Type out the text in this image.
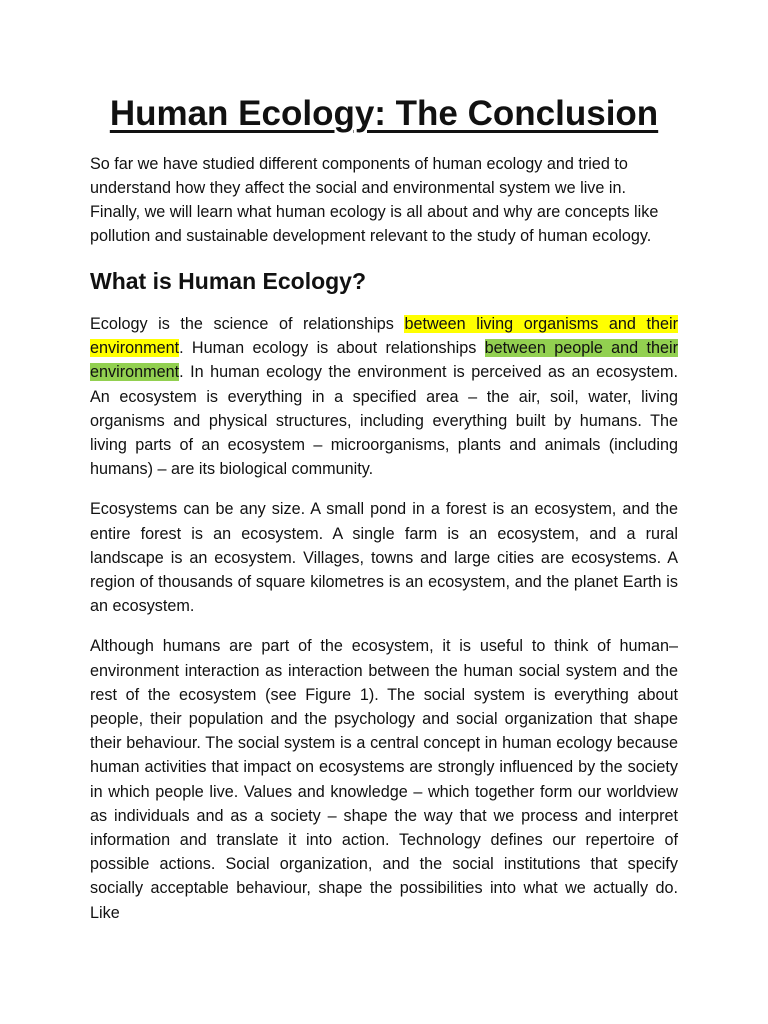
Human Ecology: The Conclusion

So far we have studied different components of human ecology and tried to understand how they affect the social and environmental system we live in. Finally, we will learn what human ecology is all about and why are concepts like pollution and sustainable development relevant to the study of human ecology.

What is Human Ecology?

Ecology is the science of relationships between living organisms and their environment. Human ecology is about relationships between people and their environment. In human ecology the environment is perceived as an ecosystem. An ecosystem is everything in a specified area – the air, soil, water, living organisms and physical structures, including everything built by humans. The living parts of an ecosystem – microorganisms, plants and animals (including humans) – are its biological community.

Ecosystems can be any size. A small pond in a forest is an ecosystem, and the entire forest is an ecosystem. A single farm is an ecosystem, and a rural landscape is an ecosystem. Villages, towns and large cities are ecosystems. A region of thousands of square kilometres is an ecosystem, and the planet Earth is an ecosystem.

Although humans are part of the ecosystem, it is useful to think of human–environment interaction as interaction between the human social system and the rest of the ecosystem (see Figure 1). The social system is everything about people, their population and the psychology and social organization that shape their behaviour. The social system is a central concept in human ecology because human activities that impact on ecosystems are strongly influenced by the society in which people live. Values and knowledge – which together form our worldview as individuals and as a society – shape the way that we process and interpret information and translate it into action. Technology defines our repertoire of possible actions. Social organization, and the social institutions that specify socially acceptable behaviour, shape the possibilities into what we actually do. Like
